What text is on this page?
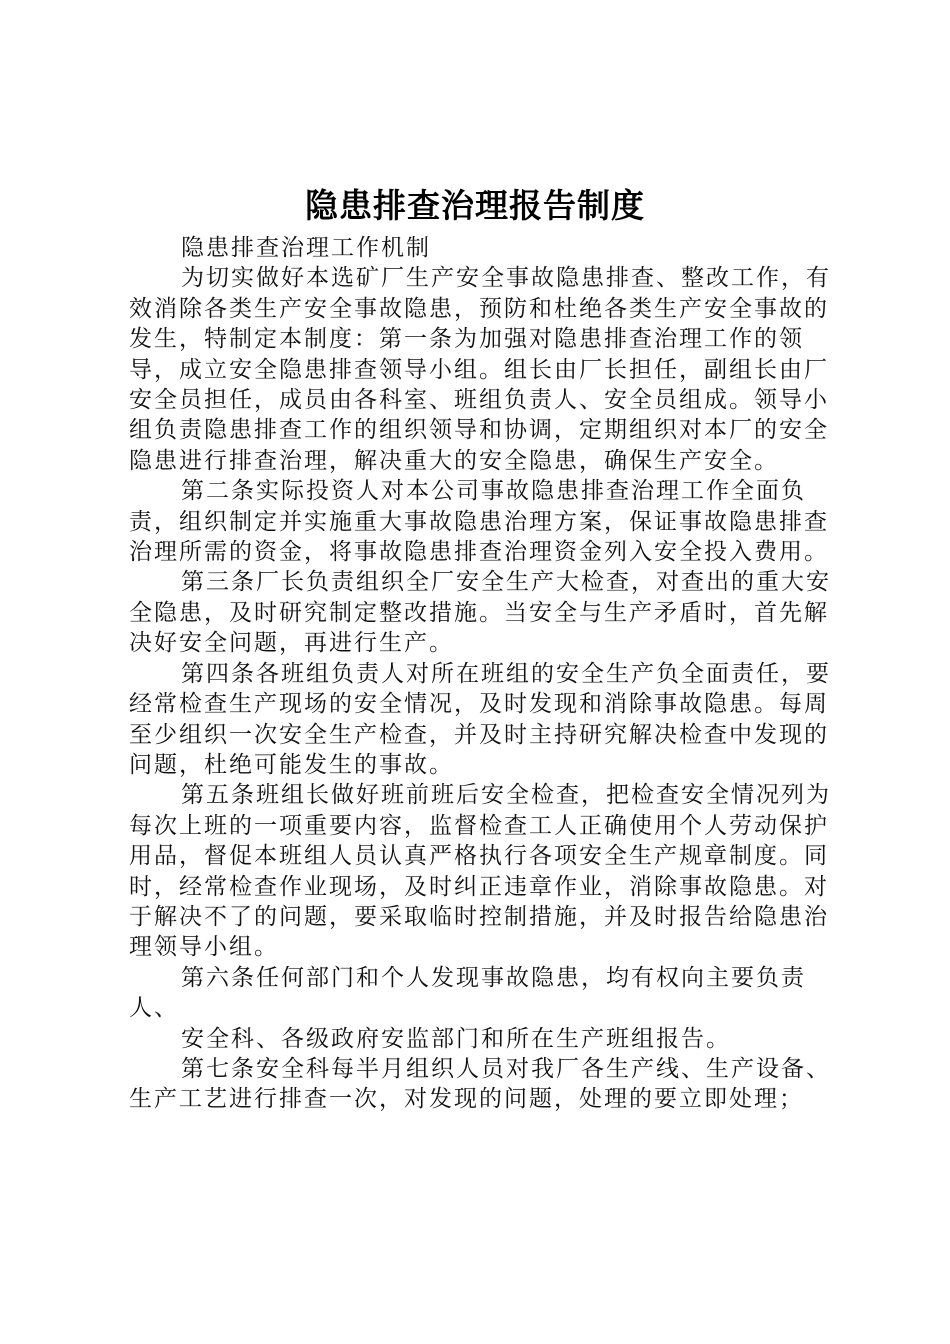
隐患排查治理报告制度

隐患排查治理工作机制

为切实做好本选矿厂生产安全事故隐患排查、整改工作，有效消除各类生产安全事故隐患，预防和杜绝各类生产安全事故的发生，特制定本制度：第一条为加强对隐患排查治理工作的领导，成立安全隐患排查领导小组。组长由厂长担任，副组长由厂安全员担任，成员由各科室、班组负责人、安全员组成。领导小组负责隐患排查工作的组织领导和协调，定期组织对本厂的安全隐患进行排查治理，解决重大的安全隐患，确保生产安全。

第二条实际投资人对本公司事故隐患排查治理工作全面负责，组织制定并实施重大事故隐患治理方案，保证事故隐患排查治理所需的资金，将事故隐患排查治理资金列入安全投入费用。

第三条厂长负责组织全厂安全生产大检查，对查出的重大安全隐患，及时研究制定整改措施。当安全与生产矛盾时，首先解决好安全问题，再进行生产。

第四条各班组负责人对所在班组的安全生产负全面责任，要经常检查生产现场的安全情况，及时发现和消除事故隐患。每周至少组织一次安全生产检查，并及时主持研究解决检查中发现的问题，杜绝可能发生的事故。

第五条班组长做好班前班后安全检查，把检查安全情况列为每次上班的一项重要内容，监督检查工人正确使用个人劳动保护用品，督促本班组人员认真严格执行各项安全生产规章制度。同时，经常检查作业现场，及时纠正违章作业，消除事故隐患。对于解决不了的问题，要采取临时控制措施，并及时报告给隐患治理领导小组。

第六条任何部门和个人发现事故隐患，均有权向主要负责人、

安全科、各级政府安监部门和所在生产班组报告。

第七条安全科每半月组织人员对我厂各生产线、生产设备、生产工艺进行排查一次，对发现的问题，处理的要立即处理；
